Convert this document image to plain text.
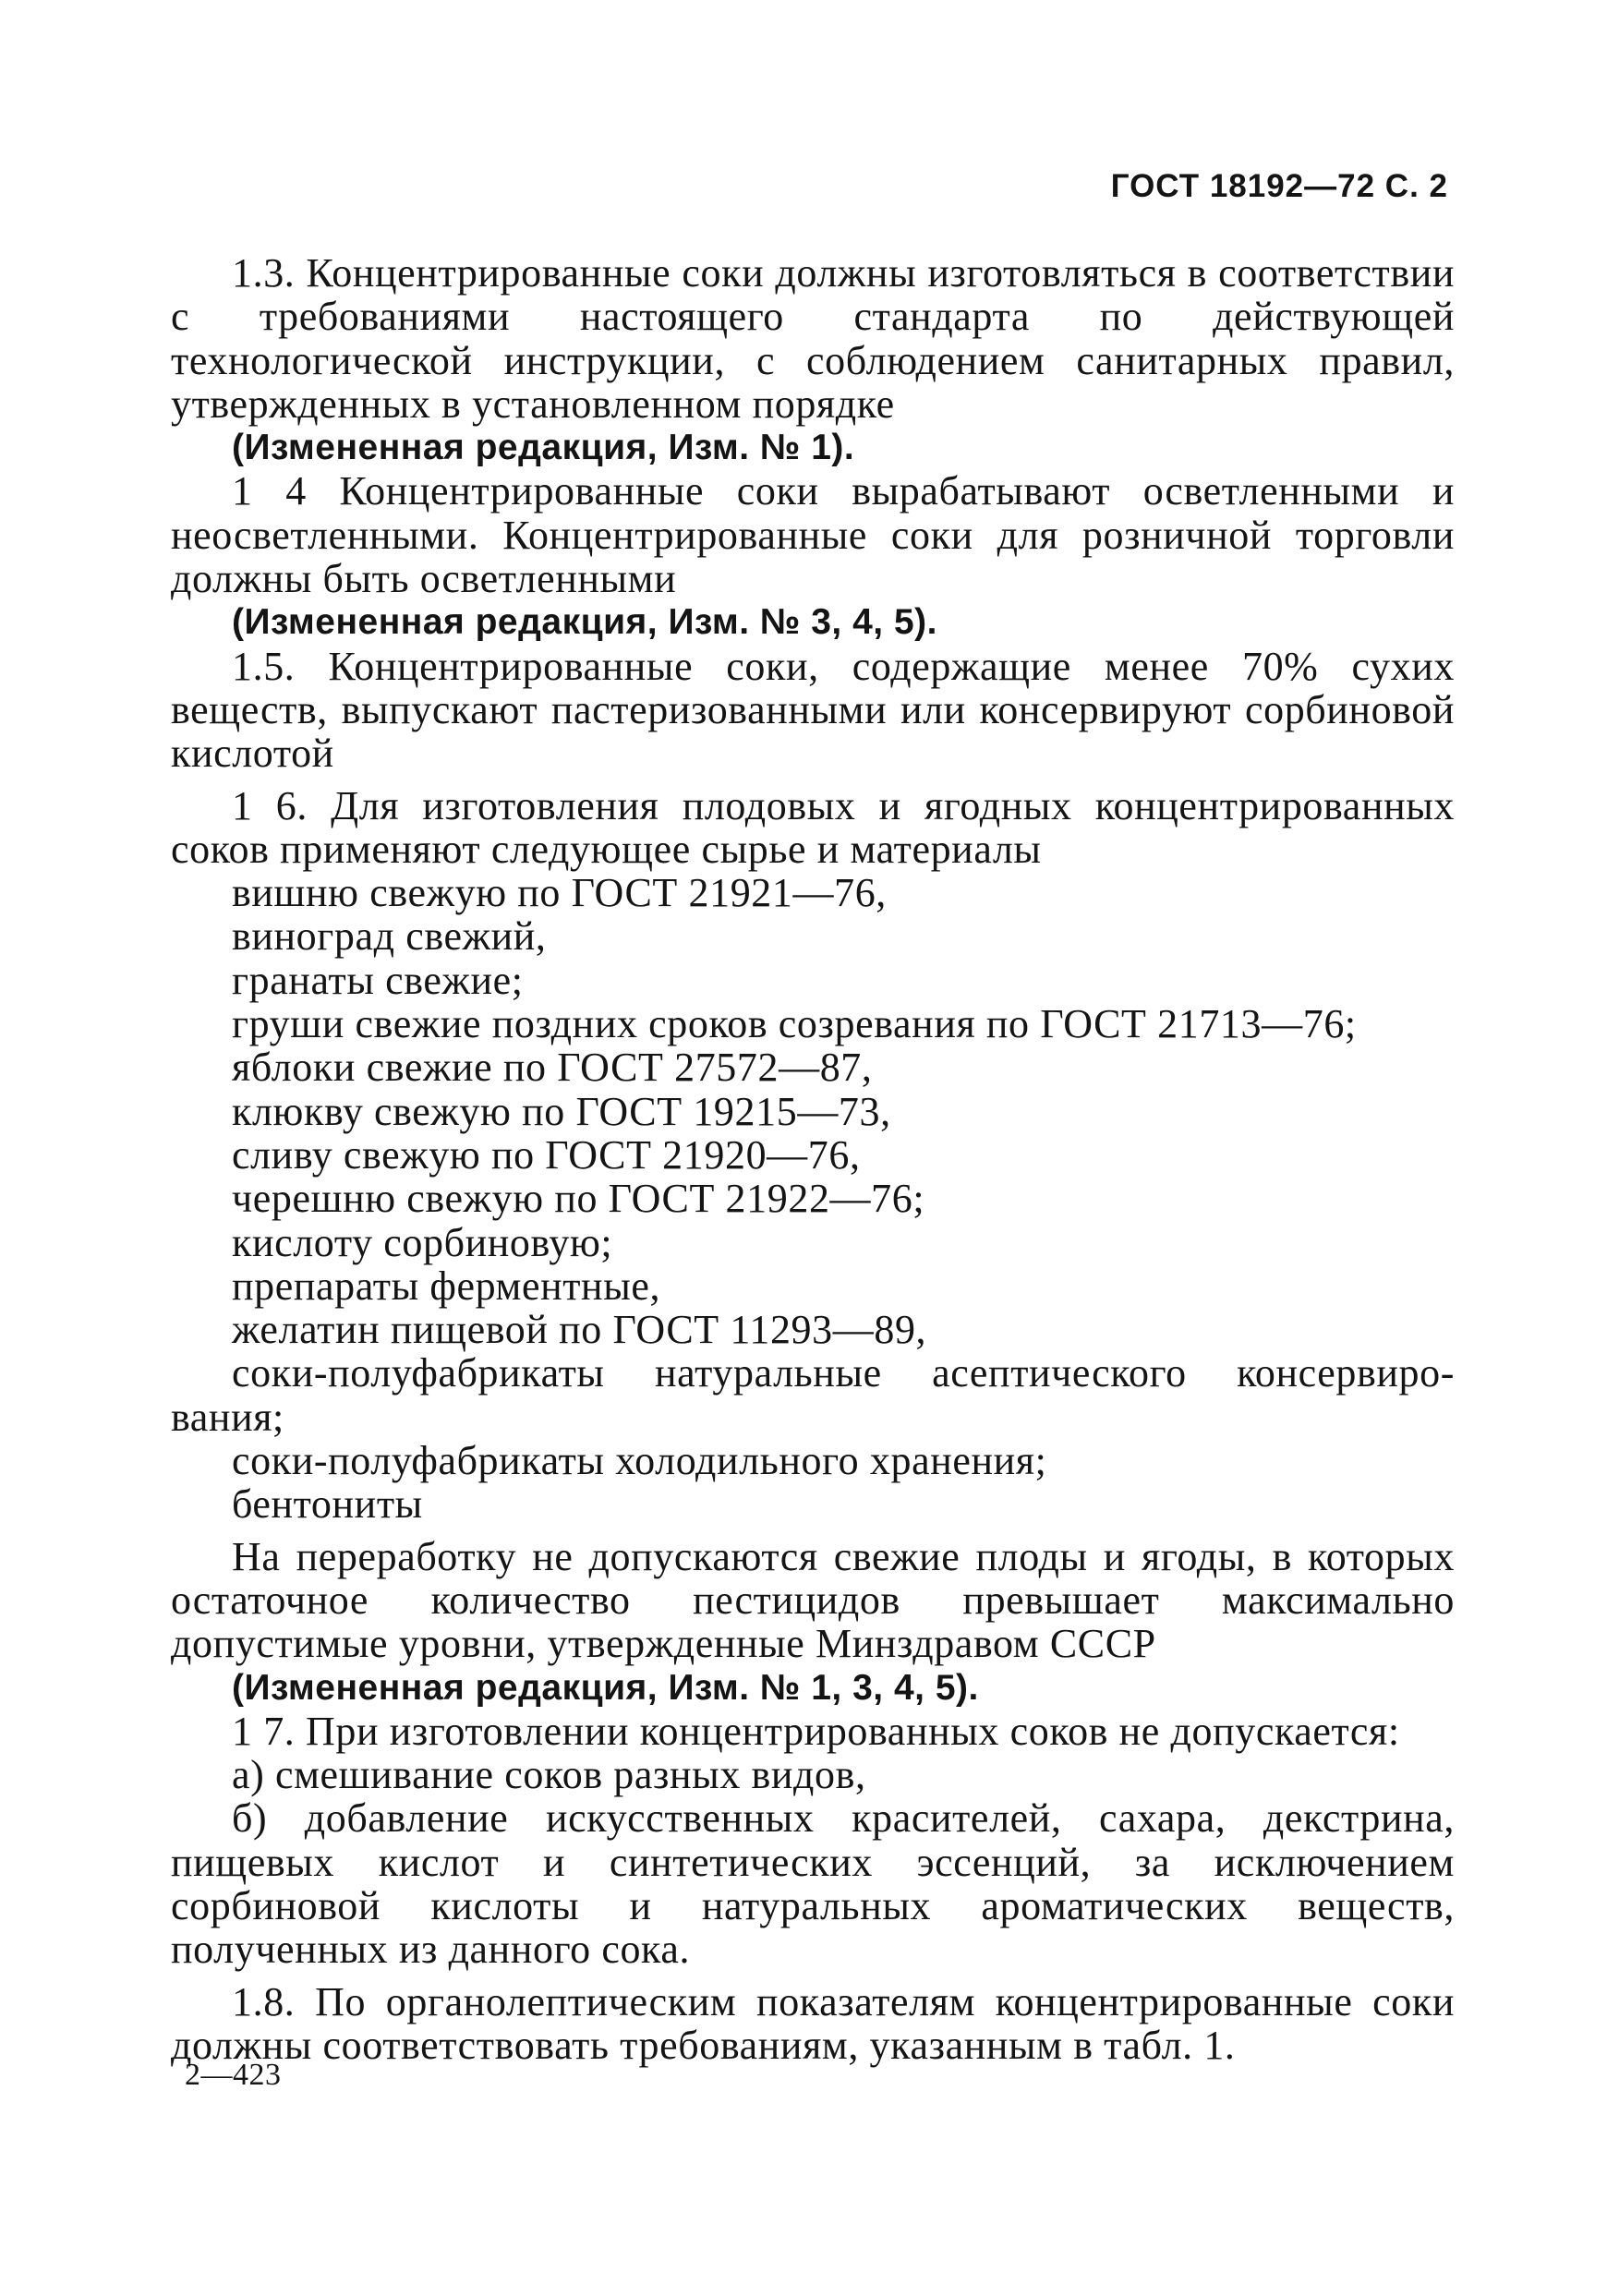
ГОСТ 18192—72 С. 2

1.3. Концентрированные соки должны изготовляться в соответствии с требованиями настоящего стандарта по действующей технологической инструкции, с соблюдением санитарных правил, утвержденных в установленном порядке

(Измененная редакция, Изм. № 1).

1 4 Концентрированные соки вырабатывают осветленными и неосветленными. Концентрированные соки для розничной торговли должны быть осветленными

(Измененная редакция, Изм. № 3, 4, 5).

1.5. Концентрированные соки, содержащие менее 70% сухих веществ, выпускают пастеризованными или консервируют сорбиновой кислотой

1 6. Для изготовления плодовых и ягодных концентрированных соков применяют следующее сырье и материалы

вишню свежую по ГОСТ 21921—76,

виноград свежий,

гранаты свежие;

груши свежие поздних сроков созревания по ГОСТ 21713—76;

яблоки свежие по ГОСТ 27572—87,

клюкву свежую по ГОСТ 19215—73,

сливу свежую по ГОСТ 21920—76,

черешню свежую по ГОСТ 21922—76;

кислоту сорбиновую;

препараты ферментные,

желатин пищевой по ГОСТ 11293—89,

соки-полуфабрикаты натуральные асептического консервиро-
вания;

соки-полуфабрикаты холодильного хранения;

бентониты

На переработку не допускаются свежие плоды и ягоды, в которых остаточное количество пестицидов превышает максимально допустимые уровни, утвержденные Минздравом СССР

(Измененная редакция, Изм. № 1, 3, 4, 5).

1 7. При изготовлении концентрированных соков не допускается:

а) смешивание соков разных видов,

б) добавление искусственных красителей, сахара, декстрина, пищевых кислот и синтетических эссенций, за исключением сорбиновой кислоты и натуральных ароматических веществ, полученных из данного сока.

1.8. По органолептическим показателям концентрированные соки должны соответствовать требованиям, указанным в табл. 1.

2—423
